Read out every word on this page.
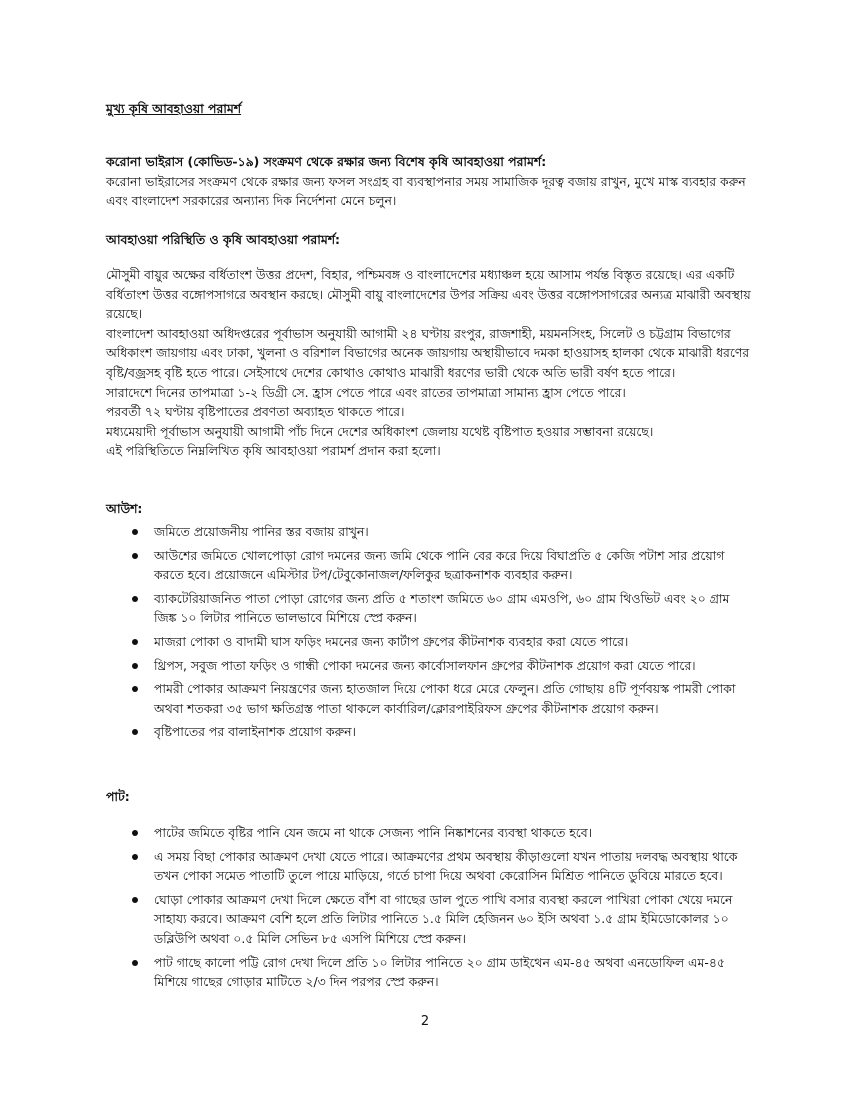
মুখ্য কৃষি আবহাওয়া পরামর্শ

করোনা ভাইরাস (কোভিড-১৯) সংক্রমণ থেকে রক্ষার জন্য বিশেষ কৃষি আবহাওয়া পরামর্শ:

করোনা ভাইরাসের সংক্রমণ থেকে রক্ষার জন্য ফসল সংগ্রহ বা ব্যবস্থাপনার সময় সামাজিক দূরত্ব বজায় রাখুন, মুখে মাস্ক ব্যবহার করুন এবং বাংলাদেশ সরকারের অন্যান্য দিক নির্দেশনা মেনে চলুন।

আবহাওয়া পরিস্থিতি ও কৃষি আবহাওয়া পরামর্শ:

মৌসুমী বায়ুর অক্ষের বর্ধিতাংশ উত্তর প্রদেশ, বিহার, পশ্চিমবঙ্গ ও বাংলাদেশের মধ্যাঞ্চল হয়ে আসাম পর্যন্ত বিস্তৃত রয়েছে। এর একটি বর্ধিতাংশ উত্তর বঙ্গোপসাগরে অবস্থান করছে। মৌসুমী বায়ু বাংলাদেশের উপর সক্রিয় এবং উত্তর বঙ্গোপসাগরের অন্যত্র মাঝারী অবস্থায় রয়েছে।

বাংলাদেশ আবহাওয়া অধিদপ্তরের পূর্বাভাস অনুযায়ী আগামী ২৪ ঘণ্টায় রংপুর, রাজশাহী, ময়মনসিংহ, সিলেট ও চট্টগ্রাম বিভাগের অধিকাংশ জায়গায় এবং ঢাকা, খুলনা ও বরিশাল বিভাগের অনেক জায়গায় অস্থায়ীভাবে দমকা হাওয়াসহ হালকা থেকে মাঝারী ধরণের বৃষ্টি/বজ্রসহ বৃষ্টি হতে পারে। সেইসাথে দেশের কোথাও কোথাও মাঝারী ধরণের ভারী থেকে অতি ভারী বর্ষণ হতে পারে।

সারাদেশে দিনের তাপমাত্রা ১-২ ডিগ্রী সে. হ্রাস পেতে পারে এবং রাতের তাপমাত্রা সামান্য হ্রাস পেতে পারে।

পরবর্তী ৭২ ঘণ্টায় বৃষ্টিপাতের প্রবণতা অব্যাহত থাকতে পারে।

মধ্যমেয়াদী পূর্বাভাস অনুযায়ী আগামী পাঁচ দিনে দেশের অধিকাংশ জেলায় যথেষ্ট বৃষ্টিপাত হওয়ার সম্ভাবনা রয়েছে।

এই পরিস্থিতিতে নিম্নলিখিত কৃষি আবহাওয়া পরামর্শ প্রদান করা হলো।

আউশ:

জমিতে প্রয়োজনীয় পানির স্তর বজায় রাখুন।
আউশের জমিতে খোলপোড়া রোগ দমনের জন্য জমি থেকে পানি বের করে দিয়ে বিঘাপ্রতি ৫ কেজি পটাশ সার প্রয়োগ করতে হবে। প্রয়োজনে এমিস্টার টপ/টেবুকোনাজল/ফলিকুর ছত্রাকনাশক ব্যবহার করুন।
ব্যাকটেরিয়াজনিত পাতা পোড়া রোগের জন্য প্রতি ৫ শতাংশ জমিতে ৬০ গ্রাম এমওপি, ৬০ গ্রাম থিওভিট এবং ২০ গ্রাম জিঙ্ক ১০ লিটার পানিতে ভালভাবে মিশিয়ে স্প্রে করুন।
মাজরা পোকা ও বাদামী ঘাস ফড়িং দমনের জন্য কার্টাপ গ্রুপের কীটনাশক ব্যবহার করা যেতে পারে।
থ্রিপস, সবুজ পাতা ফড়িং ও গান্ধী পোকা দমনের জন্য কার্বোসালফান গ্রুপের কীটনাশক প্রয়োগ করা যেতে পারে।
পামরী পোকার আক্রমণ নিয়ন্ত্রণের জন্য হাতজাল দিয়ে পোকা ধরে মেরে ফেলুন। প্রতি গোছায় ৪টি পূর্ণবয়স্ক পামরী পোকা অথবা শতকরা ৩৫ ভাগ ক্ষতিগ্রস্ত পাতা থাকলে কার্বারিল/ক্লোরপাইরিফস গ্রুপের কীটনাশক প্রয়োগ করুন।
বৃষ্টিপাতের পর বালাইনাশক প্রয়োগ করুন।

পাট:

পাটের জমিতে বৃষ্টির পানি যেন জমে না থাকে সেজন্য পানি নিষ্কাশনের ব্যবস্থা থাকতে হবে।
এ সময় বিছা পোকার আক্রমণ দেখা যেতে পারে। আক্রমণের প্রথম অবস্থায় কীড়াগুলো যখন পাতায় দলবদ্ধ অবস্থায় থাকে তখন পোকা সমেত পাতাটি তুলে পায়ে মাড়িয়ে, গর্তে চাপা দিয়ে অথবা কেরোসিন মিশ্রিত পানিতে ডুবিয়ে মারতে হবে।
ঘোড়া পোকার আক্রমণ দেখা দিলে ক্ষেতে বাঁশ বা গাছের ডাল পুতে পাখি বসার ব্যবস্থা করলে পাখিরা পোকা খেয়ে দমনে সাহায্য করবে। আক্রমণ বেশি হলে প্রতি লিটার পানিতে ১.৫ মিলি হেজিনন ৬০ ইসি অথবা ১.৫ গ্রাম ইমিডোকোলর ১০ ডব্লিউপি অথবা ০.৫ মিলি সেভিন ৮৫ এসপি মিশিয়ে স্প্রে করুন।
পাট গাছে কালো পট্টি রোগ দেখা দিলে প্রতি ১০ লিটার পানিতে ২০ গ্রাম ডাইথেন এম-৪৫ অথবা এনডোফিল এম-৪৫ মিশিয়ে গাছের গোড়ার মাটিতে ২/৩ দিন পরপর স্প্রে করুন।
2
